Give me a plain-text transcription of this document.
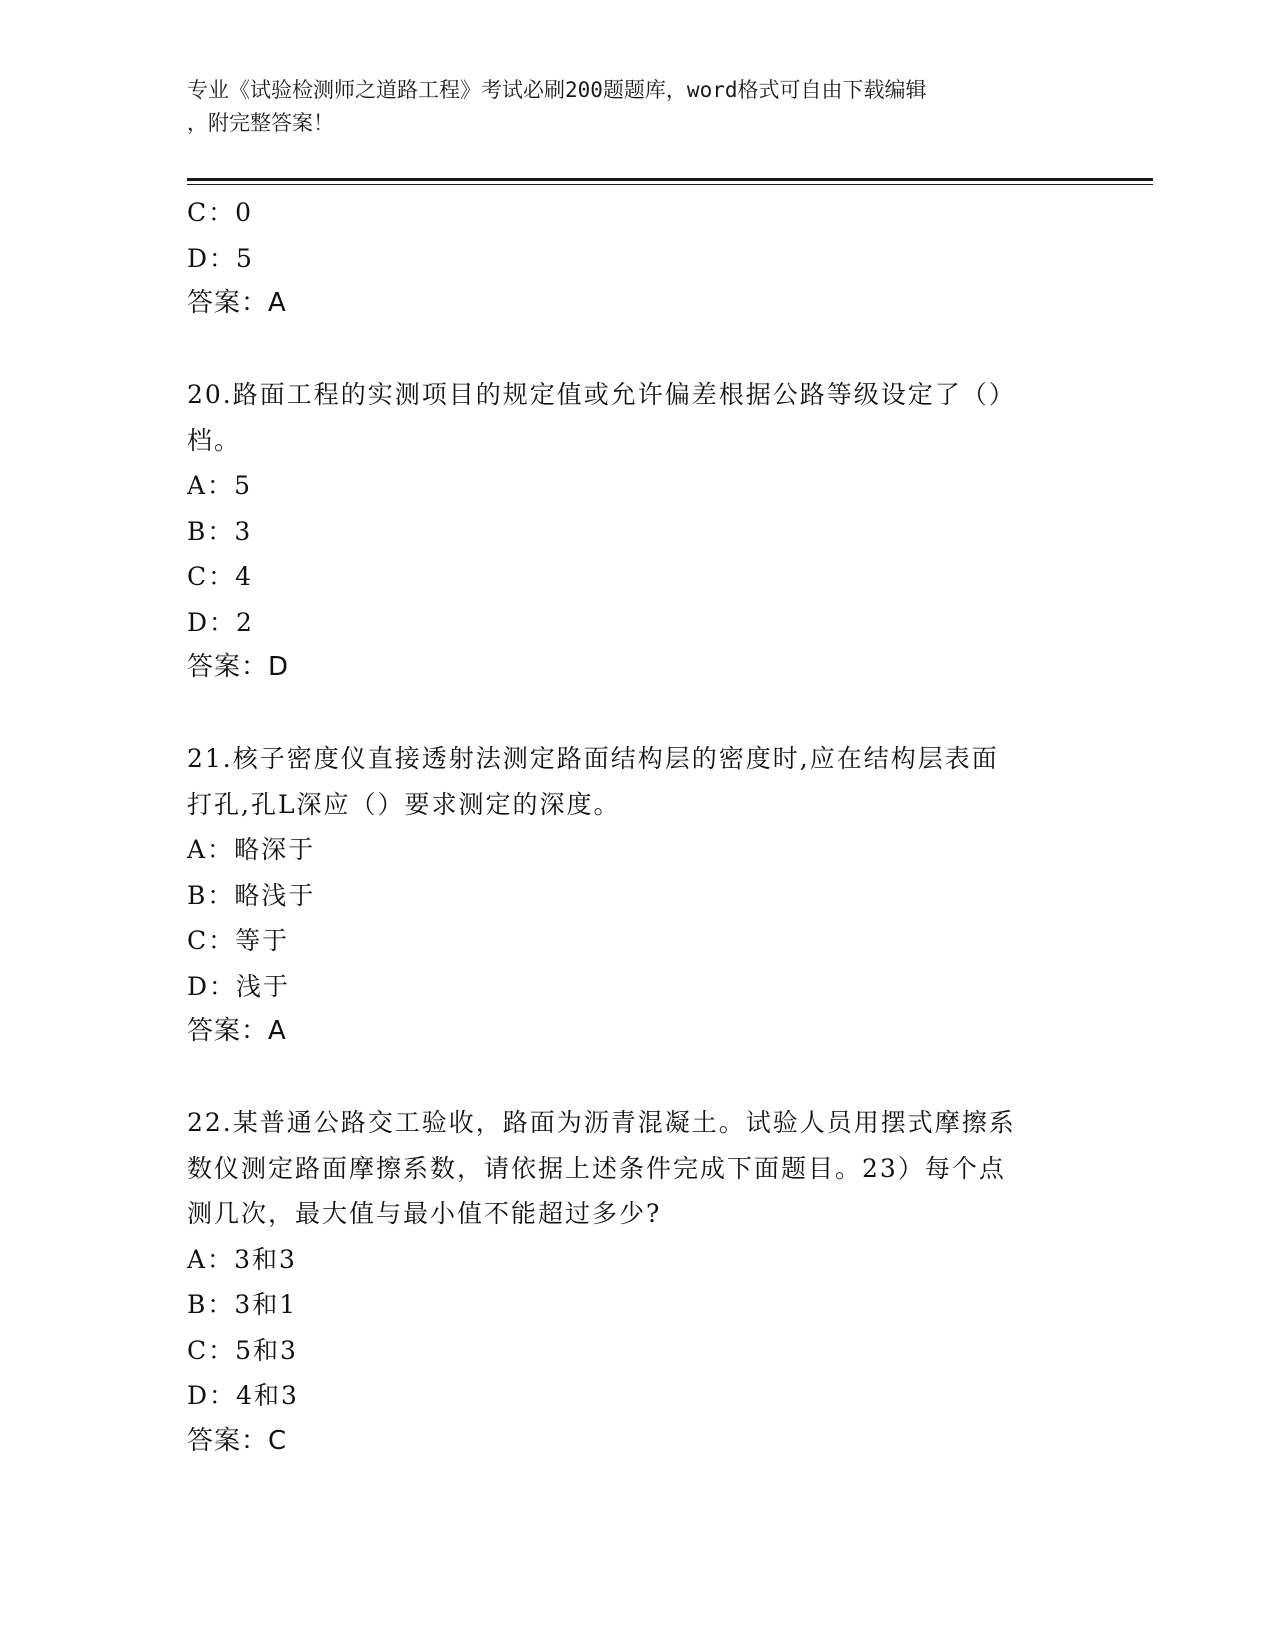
专业《试验检测师之道路工程》考试必刷200题题库，word格式可自由下载编辑
，附完整答案！
C：0
D：5
答案：A
20.路面工程的实测项目的规定值或允许偏差根据公路等级设定了（）
档。
A：5
B：3
C：4
D：2
答案：D
21.核子密度仪直接透射法测定路面结构层的密度时,应在结构层表面
打孔,孔L深应（）要求测定的深度。
A：略深于
B：略浅于
C：等于
D：浅于
答案：A
22.某普通公路交工验收，路面为沥青混凝土。试验人员用摆式摩擦系
数仪测定路面摩擦系数，请依据上述条件完成下面题目。23）每个点
测几次，最大值与最小值不能超过多少?
A：3和3
B：3和1
C：5和3
D：4和3
答案：C
